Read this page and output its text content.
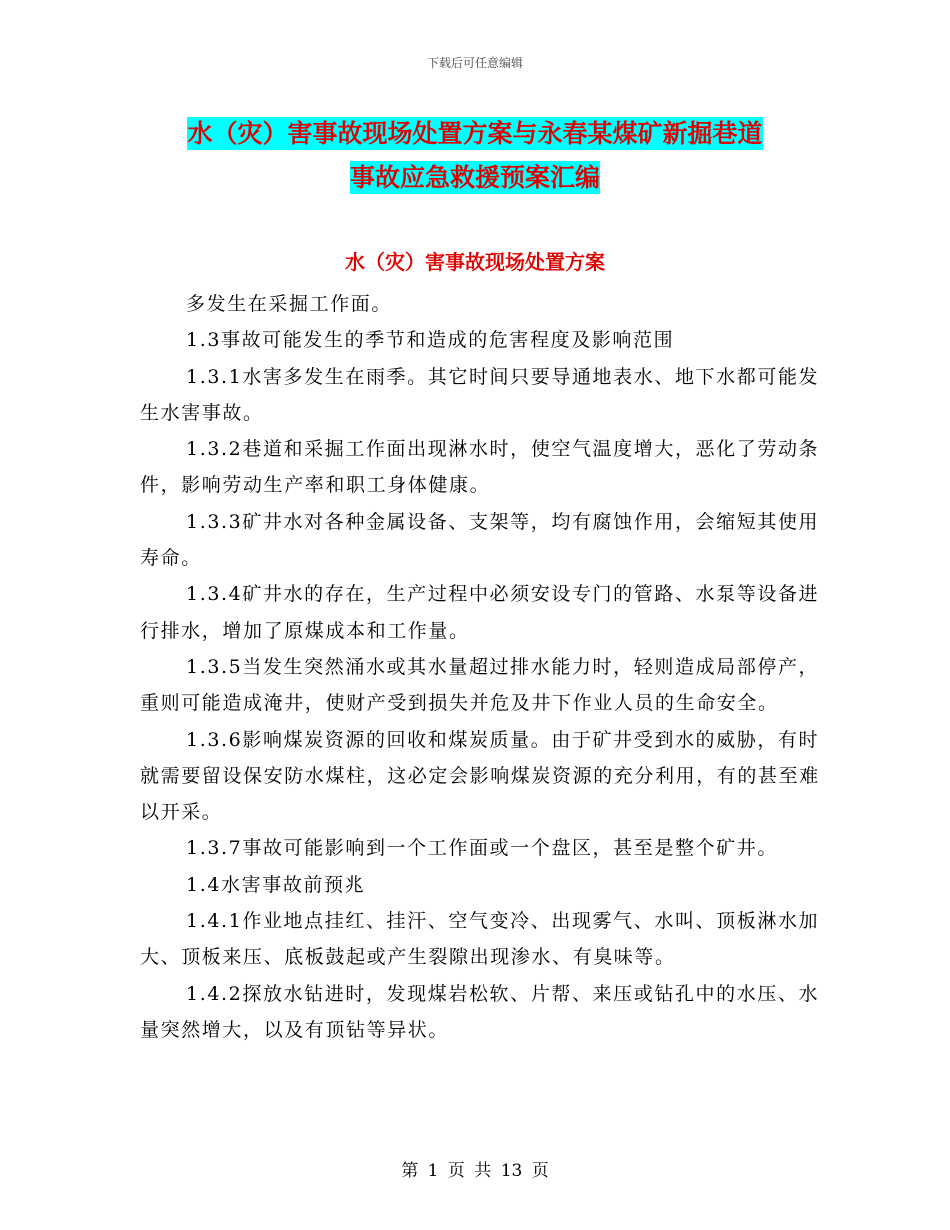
下载后可任意编辑
水（灾）害事故现场处置方案与永春某煤矿新掘巷道
事故应急救援预案汇编
水（灾）害事故现场处置方案

多发生在采掘工作面。

1.3事故可能发生的季节和造成的危害程度及影响范围

1.3.1水害多发生在雨季。其它时间只要导通地表水、地下水都可能发生水害事故。

1.3.2巷道和采掘工作面出现淋水时，使空气温度增大，恶化了劳动条件，影响劳动生产率和职工身体健康。

1.3.3矿井水对各种金属设备、支架等，均有腐蚀作用，会缩短其使用寿命。

1.3.4矿井水的存在，生产过程中必须安设专门的管路、水泵等设备进行排水，增加了原煤成本和工作量。

1.3.5当发生突然涌水或其水量超过排水能力时，轻则造成局部停产，重则可能造成淹井，使财产受到损失并危及井下作业人员的生命安全。

1.3.6影响煤炭资源的回收和煤炭质量。由于矿井受到水的威胁，有时就需要留设保安防水煤柱，这必定会影响煤炭资源的充分利用，有的甚至难以开采。

1.3.7事故可能影响到一个工作面或一个盘区，甚至是整个矿井。

1.4水害事故前预兆

1.4.1作业地点挂红、挂汗、空气变冷、出现雾气、水叫、顶板淋水加大、顶板来压、底板鼓起或产生裂隙出现渗水、有臭味等。

1.4.2探放水钻进时，发现煤岩松软、片帮、来压或钻孔中的水压、水量突然增大，以及有顶钻等异状。

第 1 页 共 13 页
